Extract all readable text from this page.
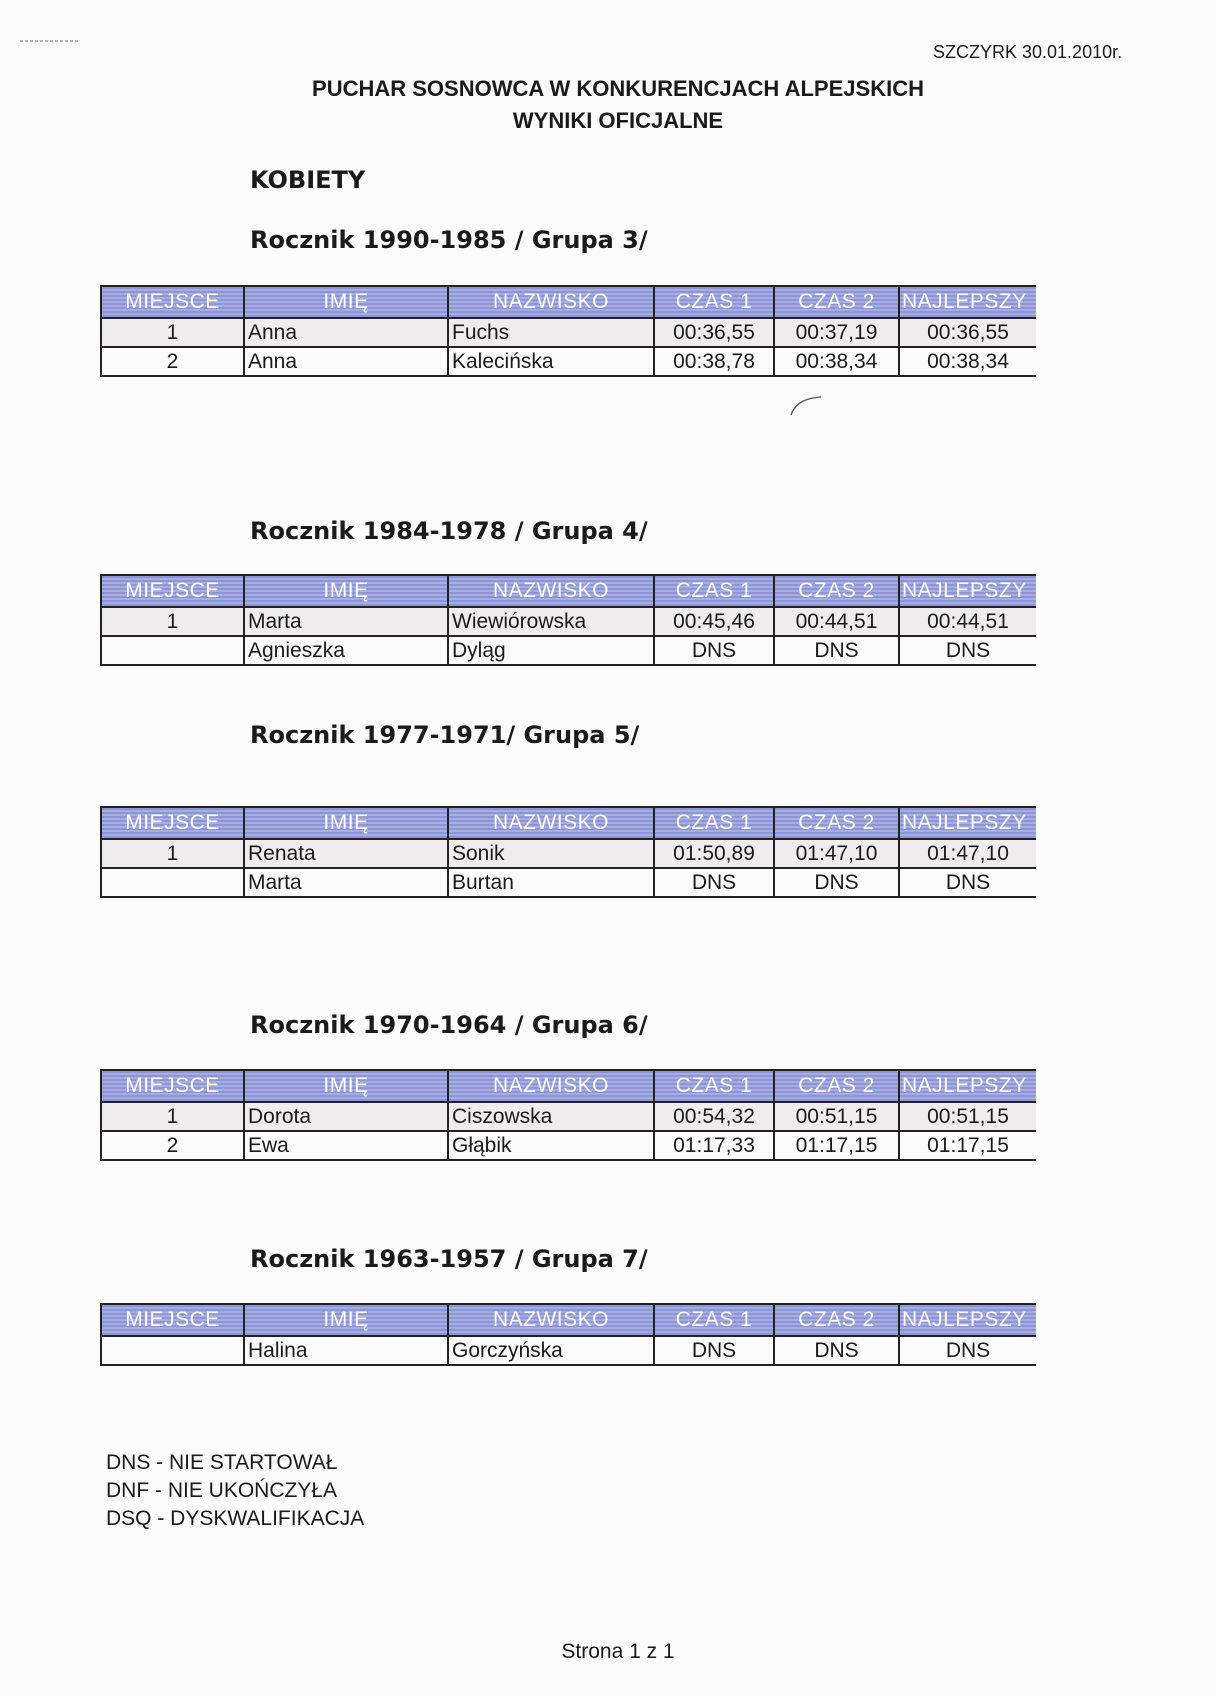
SZCZYRK 30.01.2010r.
PUCHAR SOSNOWCA W KONKURENCJACH ALPEJSKICH
WYNIKI OFICJALNE
KOBIETY
Rocznik 1990-1985 / Grupa 3/
MIEJSCE	IMIĘ	NAZWISKO	CZAS 1	CZAS 2	NAJLEPSZY
1	Anna	Fuchs	00:36,55	00:37,19	00:36,55
2	Anna	Kalecińska	00:38,78	00:38,34	00:38,34
Rocznik 1984-1978 / Grupa 4/
MIEJSCE	IMIĘ	NAZWISKO	CZAS 1	CZAS 2	NAJLEPSZY
1	Marta	Wiewiórowska	00:45,46	00:44,51	00:44,51
	Agnieszka	Dyląg	DNS	DNS	DNS
Rocznik 1977-1971/ Grupa 5/
MIEJSCE	IMIĘ	NAZWISKO	CZAS 1	CZAS 2	NAJLEPSZY
1	Renata	Sonik	01:50,89	01:47,10	01:47,10
	Marta	Burtan	DNS	DNS	DNS
Rocznik 1970-1964 / Grupa 6/
MIEJSCE	IMIĘ	NAZWISKO	CZAS 1	CZAS 2	NAJLEPSZY
1	Dorota	Ciszowska	00:54,32	00:51,15	00:51,15
2	Ewa	Głąbik	01:17,33	01:17,15	01:17,15
Rocznik 1963-1957 / Grupa 7/
MIEJSCE	IMIĘ	NAZWISKO	CZAS 1	CZAS 2	NAJLEPSZY
	Halina	Gorczyńska	DNS	DNS	DNS
DNS - NIE STARTOWAŁ
DNF - NIE UKOŃCZYŁA
DSQ - DYSKWALIFIKACJA
Strona 1 z 1
